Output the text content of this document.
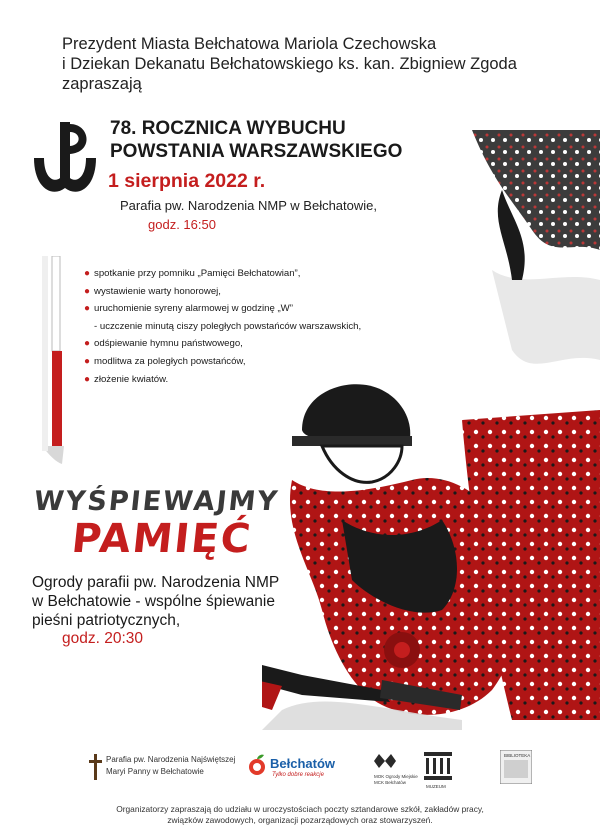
Prezydent Miasta Bełchatowa Mariola Czechowska
i Dziekan Dekanatu Bełchatowskiego ks. kan. Zbigniew Zgoda
zapraszają
78. ROCZNICA WYBUCHU
POWSTANIA WARSZAWSKIEGO
1 sierpnia 2022 r.
Parafia pw. Narodzenia NMP w Bełchatowie,
godz. 16:50
● spotkanie przy pomniku „Pamięci Bełchatowian”,
● wystawienie warty honorowej,
● uruchomienie syreny alarmowej w godzinę „W”
- uczczenie minutą ciszy poległych powstańców warszawskich,
● odśpiewanie hymnu państwowego,
● modlitwa za poległych powstańców,
● złożenie kwiatów.
WYŚPIEWAJMY
PAMIĘĆ
Ogrody parafii pw. Narodzenia NMP
w Bełchatowie - wspólne śpiewanie
pieśni patriotycznych,
godz. 20:30
Parafia pw. Narodzenia Najświętszej
Maryi Panny w Bełchatowie
Bełchatów
Tylko dobre reakcje	MOK Ogrody Miejskie
MCK Bełchatów
MUZEUM
BIBLIOTEKA
Organizatorzy zapraszają do udziału w uroczystościach poczty sztandarowe szkół, zakładów pracy,
związków zawodowych, organizacji pozarządowych oraz stowarzyszeń.
